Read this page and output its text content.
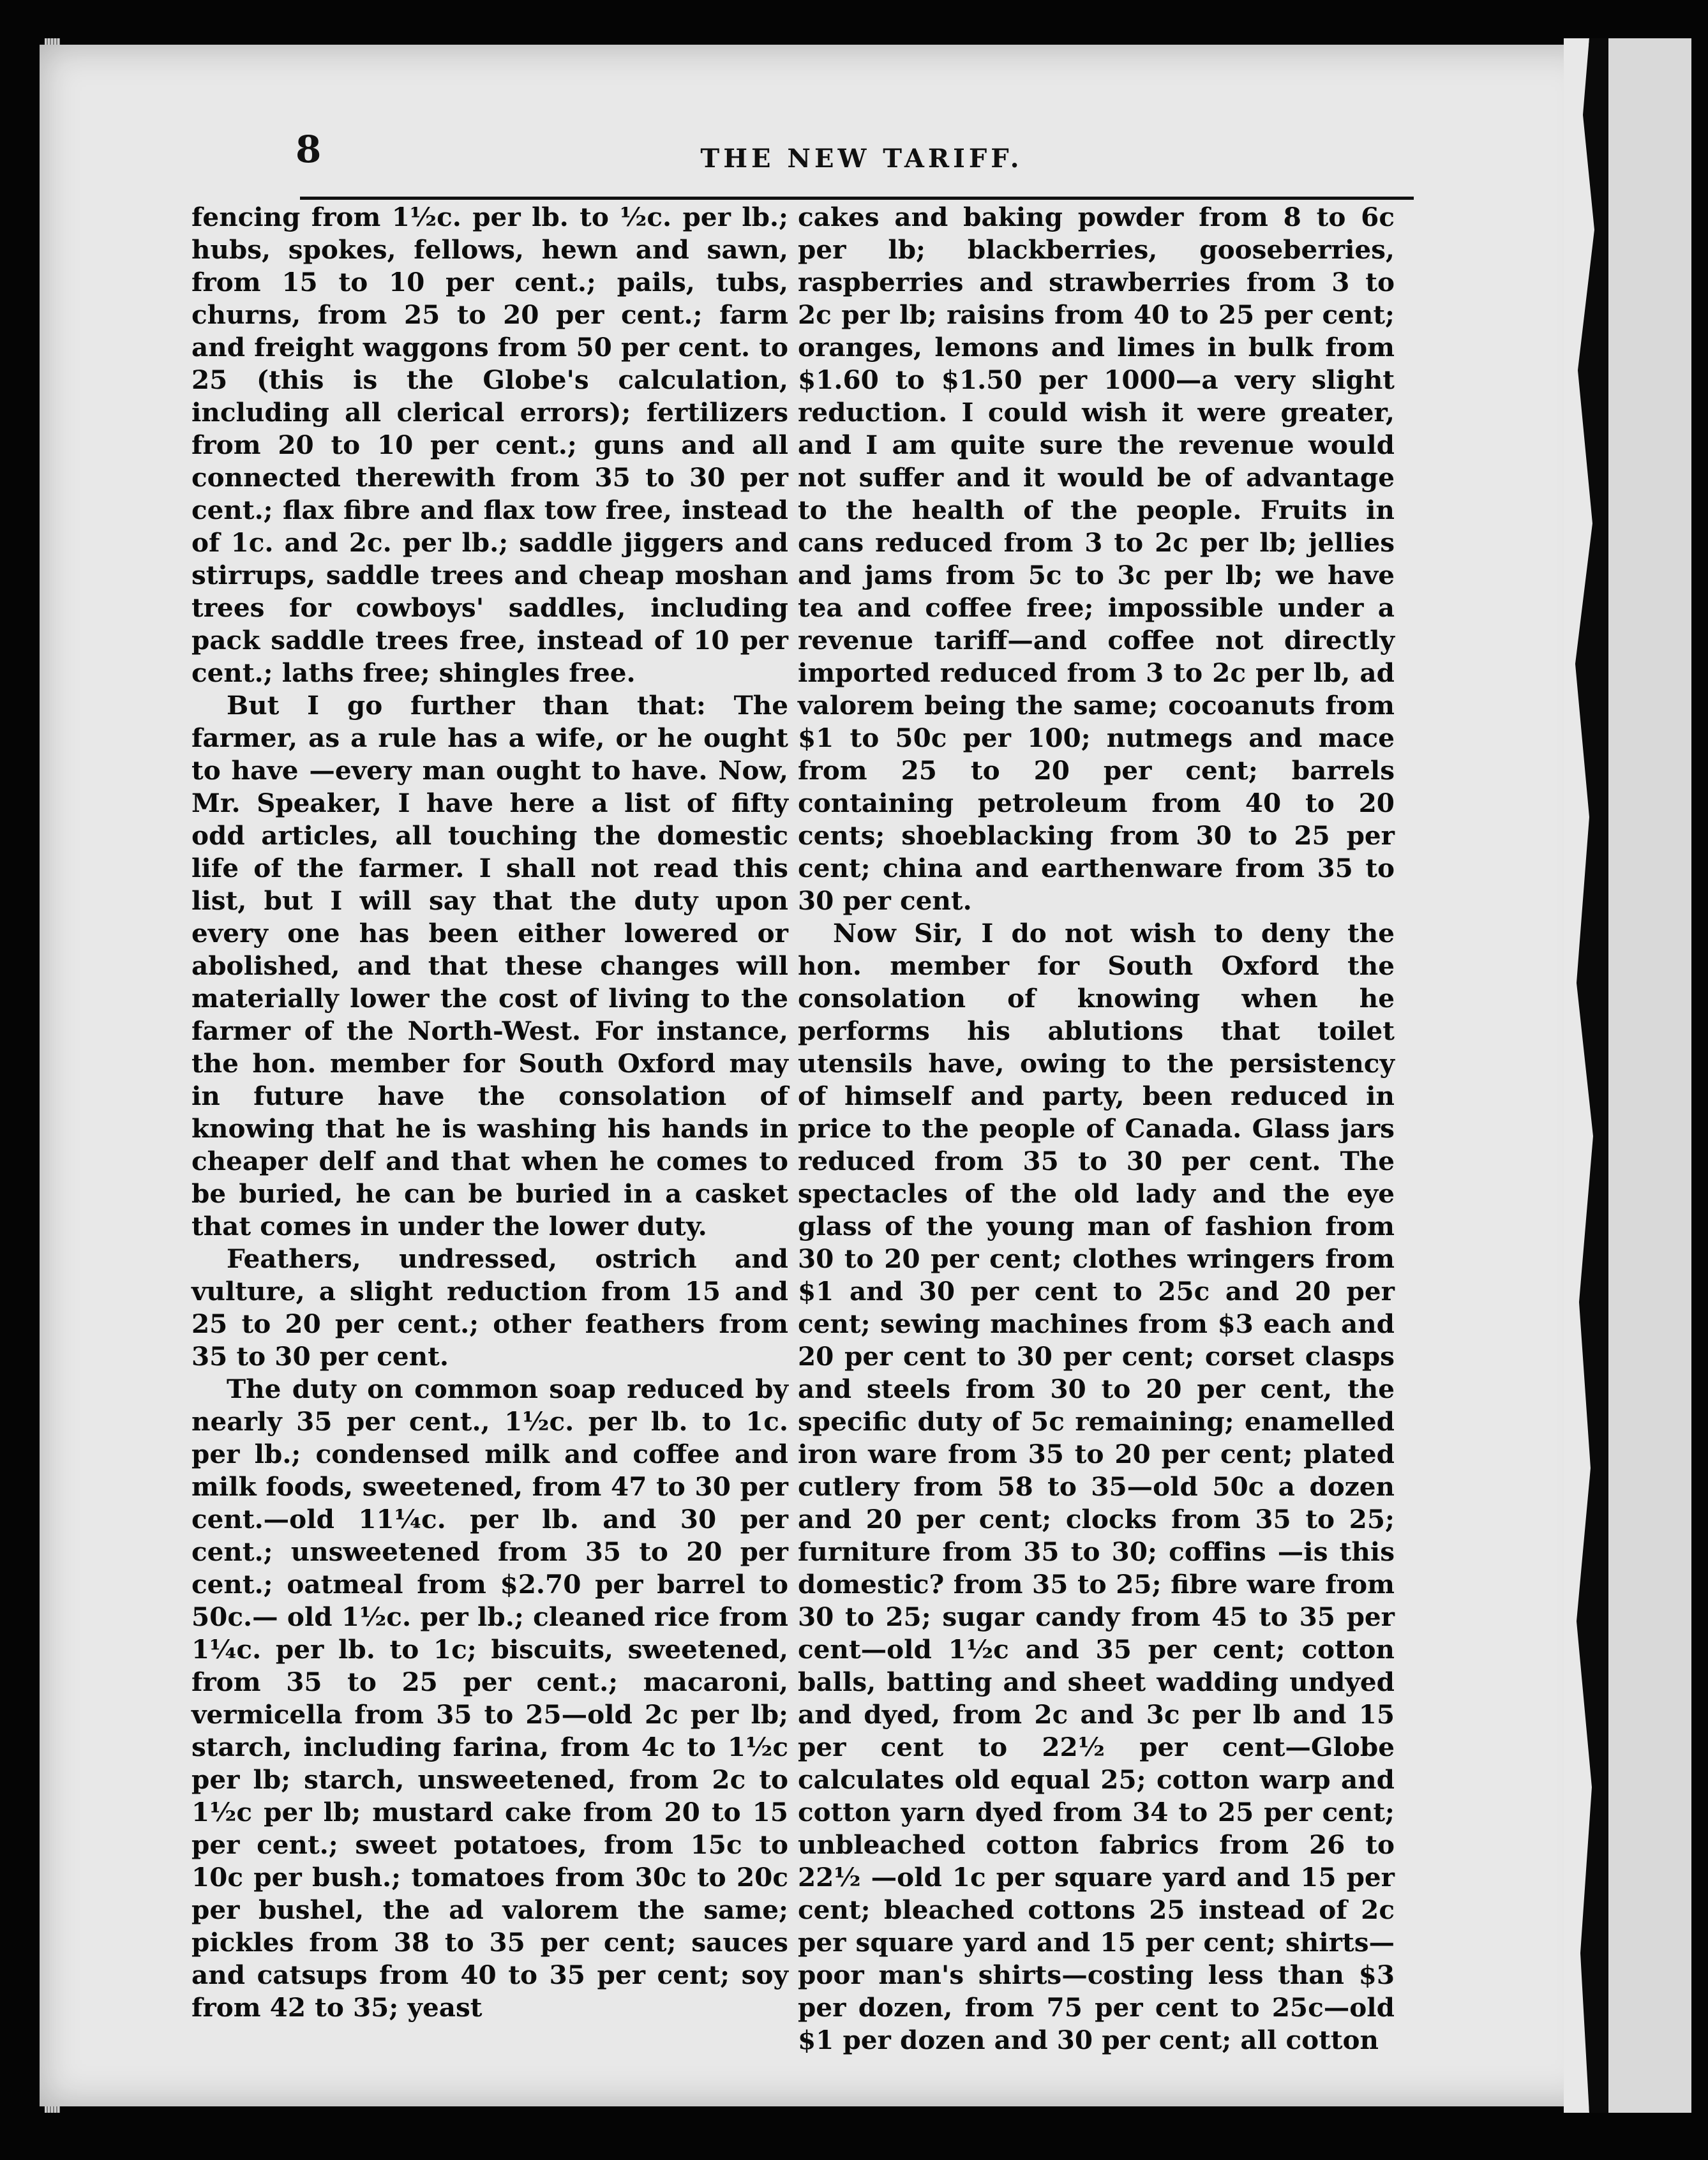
8	THE NEW TARIFF.

fencing from 1½c. per lb. to ½c. per lb.; hubs, spokes, fellows, hewn and sawn, from 15 to 10 per cent.; pails, tubs, churns, from 25 to 20 per cent.; farm and freight waggons from 50 per cent. to 25 (this is the Globe's calculation, including all clerical errors); fertilizers from 20 to 10 per cent.; guns and all connected therewith from 35 to 30 per cent.; flax fibre and flax tow free, instead of 1c. and 2c. per lb.; saddle jiggers and stirrups, saddle trees and cheap moshan trees for cowboys' saddles, including pack saddle trees free, instead of 10 per cent.; laths free; shingles free.

But I go further than that: The farmer, as a rule has a wife, or he ought to have —every man ought to have. Now, Mr. Speaker, I have here a list of fifty odd articles, all touching the domestic life of the farmer. I shall not read this list, but I will say that the duty upon every one has been either lowered or abolished, and that these changes will materially lower the cost of living to the farmer of the North-West. For instance, the hon. member for South Oxford may in future have the consolation of knowing that he is washing his hands in cheaper delf and that when he comes to be buried, he can be buried in a casket that comes in under the lower duty.

Feathers, undressed, ostrich and vulture, a slight reduction from 15 and 25 to 20 per cent.; other feathers from 35 to 30 per cent.

The duty on common soap reduced by nearly 35 per cent., 1½c. per lb. to 1c. per lb.; condensed milk and coffee and milk foods, sweetened, from 47 to 30 per cent.—old 11¼c. per lb. and 30 per cent.; unsweetened from 35 to 20 per cent.; oatmeal from $2.70 per barrel to 50c.— old 1½c. per lb.; cleaned rice from 1¼c. per lb. to 1c; biscuits, sweetened, from 35 to 25 per cent.; macaroni, vermicella from 35 to 25—old 2c per lb; starch, including farina, from 4c to 1½c per lb; starch, unsweetened, from 2c to 1½c per lb; mustard cake from 20 to 15 per cent.; sweet potatoes, from 15c to 10c per bush.; tomatoes from 30c to 20c per bushel, the ad valorem the same; pickles from 38 to 35 per cent; sauces and catsups from 40 to 35 per cent; soy from 42 to 35; yeast

cakes and baking powder from 8 to 6c per lb; blackberries, gooseberries, raspberries and strawberries from 3 to 2c per lb; raisins from 40 to 25 per cent; oranges, lemons and limes in bulk from $1.60 to $1.50 per 1000—a very slight reduction. I could wish it were greater, and I am quite sure the revenue would not suffer and it would be of advantage to the health of the people. Fruits in cans reduced from 3 to 2c per lb; jellies and jams from 5c to 3c per lb; we have tea and coffee free; impossible under a revenue tariff—and coffee not directly imported reduced from 3 to 2c per lb, ad valorem being the same; cocoanuts from $1 to 50c per 100; nutmegs and mace from 25 to 20 per cent; barrels containing petroleum from 40 to 20 cents; shoeblacking from 30 to 25 per cent; china and earthenware from 35 to 30 per cent.

Now Sir, I do not wish to deny the hon. member for South Oxford the consolation of knowing when he performs his ablutions that toilet utensils have, owing to the persistency of himself and party, been reduced in price to the people of Canada. Glass jars reduced from 35 to 30 per cent. The spectacles of the old lady and the eye glass of the young man of fashion from 30 to 20 per cent; clothes wringers from $1 and 30 per cent to 25c and 20 per cent; sewing machines from $3 each and 20 per cent to 30 per cent; corset clasps and steels from 30 to 20 per cent, the specific duty of 5c remaining; enamelled iron ware from 35 to 20 per cent; plated cutlery from 58 to 35—old 50c a dozen and 20 per cent; clocks from 35 to 25; furniture from 35 to 30; coffins —is this domestic? from 35 to 25; fibre ware from 30 to 25; sugar candy from 45 to 35 per cent—old 1½c and 35 per cent; cotton balls, batting and sheet wadding undyed and dyed, from 2c and 3c per lb and 15 per cent to 22½ per cent—Globe calculates old equal 25; cotton warp and cotton yarn dyed from 34 to 25 per cent; unbleached cotton fabrics from 26 to 22½ —old 1c per square yard and 15 per cent; bleached cottons 25 instead of 2c per square yard and 15 per cent; shirts—poor man's shirts—costing less than $3 per dozen, from 75 per cent to 25c—old $1 per dozen and 30 per cent; all cotton
